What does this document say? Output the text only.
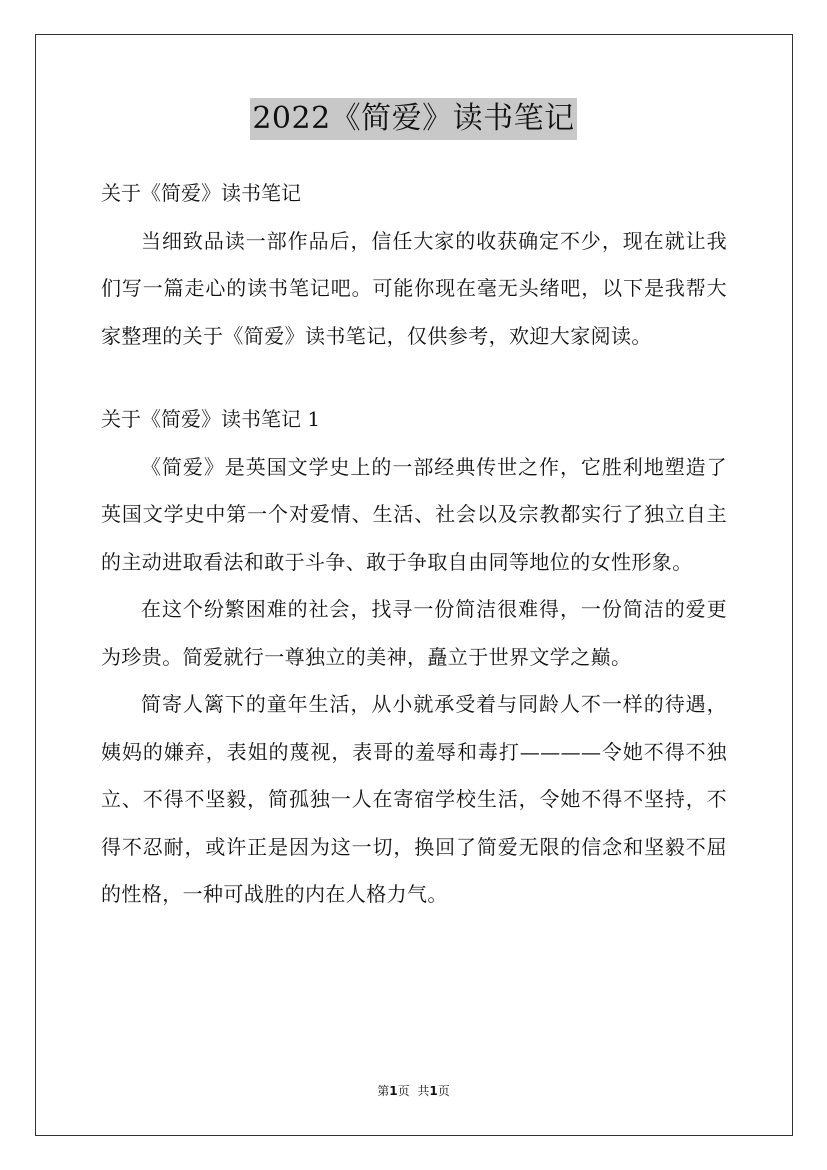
2022《简爱》读书笔记

关于《简爱》读书笔记

当细致品读一部作品后，信任大家的收获确定不少，现在就让我们写一篇走心的读书笔记吧。可能你现在毫无头绪吧，以下是我帮大家整理的关于《简爱》读书笔记，仅供参考，欢迎大家阅读。

关于《简爱》读书笔记 1

《简爱》是英国文学史上的一部经典传世之作，它胜利地塑造了英国文学史中第一个对爱情、生活、社会以及宗教都实行了独立自主的主动进取看法和敢于斗争、敢于争取自由同等地位的女性形象。

在这个纷繁困难的社会，找寻一份简洁很难得，一份简洁的爱更为珍贵。简爱就行一尊独立的美神，矗立于世界文学之巅。

简寄人篱下的童年生活，从小就承受着与同龄人不一样的待遇，姨妈的嫌弃，表姐的蔑视，表哥的羞辱和毒打————令她不得不独立、不得不坚毅，简孤独一人在寄宿学校生活，令她不得不坚持，不得不忍耐，或许正是因为这一切，换回了简爱无限的信念和坚毅不屈的性格，一种可战胜的内在人格力气。

第1页 共1页
